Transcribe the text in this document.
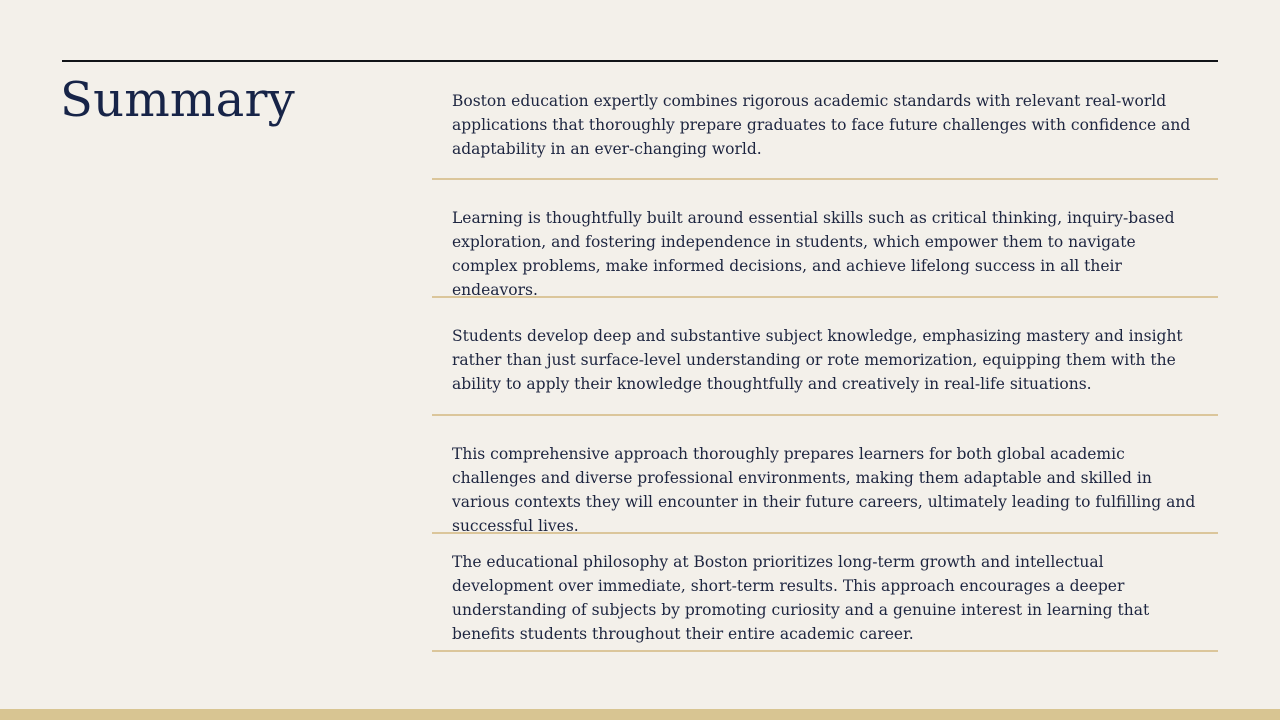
Summary	Boston education expertly combines rigorous academic standards with relevant real-world applications that thoroughly prepare graduates to face future challenges with confidence and adaptability in an ever-changing world.

Learning is thoughtfully built around essential skills such as critical thinking, inquiry-based exploration, and fostering independence in students, which empower them to navigate complex problems, make informed decisions, and achieve lifelong success in all their endeavors.

Students develop deep and substantive subject knowledge, emphasizing mastery and insight rather than just surface-level understanding or rote memorization, equipping them with the ability to apply their knowledge thoughtfully and creatively in real-life situations.

This comprehensive approach thoroughly prepares learners for both global academic challenges and diverse professional environments, making them adaptable and skilled in various contexts they will encounter in their future careers, ultimately leading to fulfilling and successful lives.

The educational philosophy at Boston prioritizes long-term growth and intellectual development over immediate, short-term results. This approach encourages a deeper understanding of subjects by promoting curiosity and a genuine interest in learning that benefits students throughout their entire academic career.
